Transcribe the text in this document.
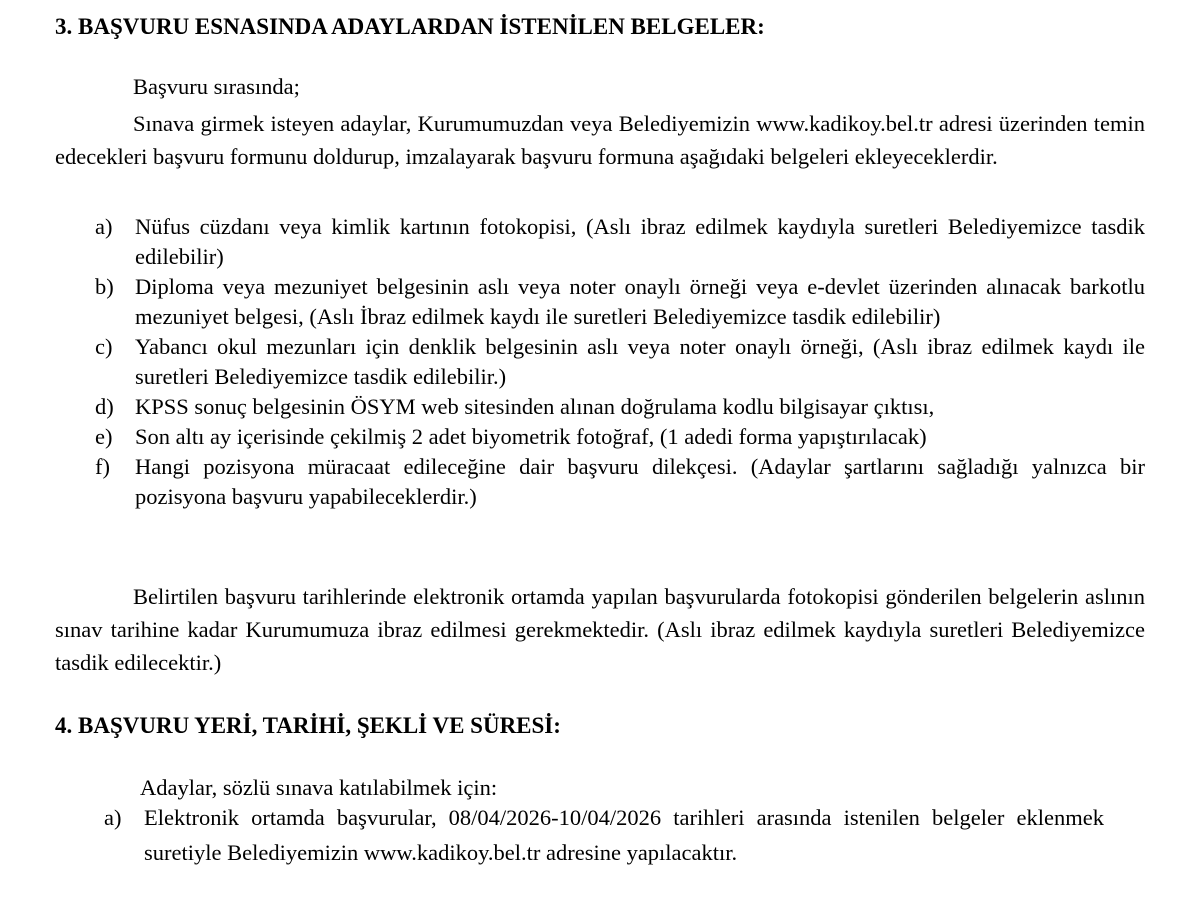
3. BAŞVURU ESNASINDA ADAYLARDAN İSTENİLEN BELGELER:
Başvuru sırasında;
Sınava girmek isteyen adaylar, Kurumumuzdan veya Belediyemizin www.kadikoy.bel.tr adresi üzerinden temin edecekleri başvuru formunu doldurup, imzalayarak başvuru formuna aşağıdaki belgeleri ekleyeceklerdir.
a)	Nüfus cüzdanı veya kimlik kartının fotokopisi, (Aslı ibraz edilmek kaydıyla suretleri Belediyemizce tasdik edilebilir)
b) Diploma veya mezuniyet belgesinin aslı veya noter onaylı örneği veya e-devlet üzerinden alınacak barkotlu mezuniyet belgesi, (Aslı İbraz edilmek kaydı ile suretleri Belediyemizce tasdik edilebilir)
c)	Yabancı okul mezunları için denklik belgesinin aslı veya noter onaylı örneği, (Aslı ibraz edilmek kaydı ile suretleri Belediyemizce tasdik edilebilir.)
d) KPSS sonuç belgesinin ÖSYM web sitesinden alınan doğrulama kodlu bilgisayar çıktısı,
e)	Son altı ay içerisinde çekilmiş 2 adet biyometrik fotoğraf, (1 adedi forma yapıştırılacak)
f)	Hangi pozisyona müracaat edileceğine dair başvuru dilekçesi. (Adaylar şartlarını sağladığı yalnızca bir pozisyona başvuru yapabileceklerdir.)
Belirtilen başvuru tarihlerinde elektronik ortamda yapılan başvurularda fotokopisi gönderilen belgelerin aslının sınav tarihine kadar Kurumumuza ibraz edilmesi gerekmektedir. (Aslı ibraz edilmek kaydıyla suretleri Belediyemizce tasdik edilecektir.)
4. BAŞVURU YERİ, TARİHİ, ŞEKLİ VE SÜRESİ:
Adaylar, sözlü sınava katılabilmek için:
a)	Elektronik ortamda başvurular, 08/04/2026-10/04/2026 tarihleri arasında istenilen belgeler eklenmek suretiyle Belediyemizin www.kadikoy.bel.tr adresine yapılacaktır.
